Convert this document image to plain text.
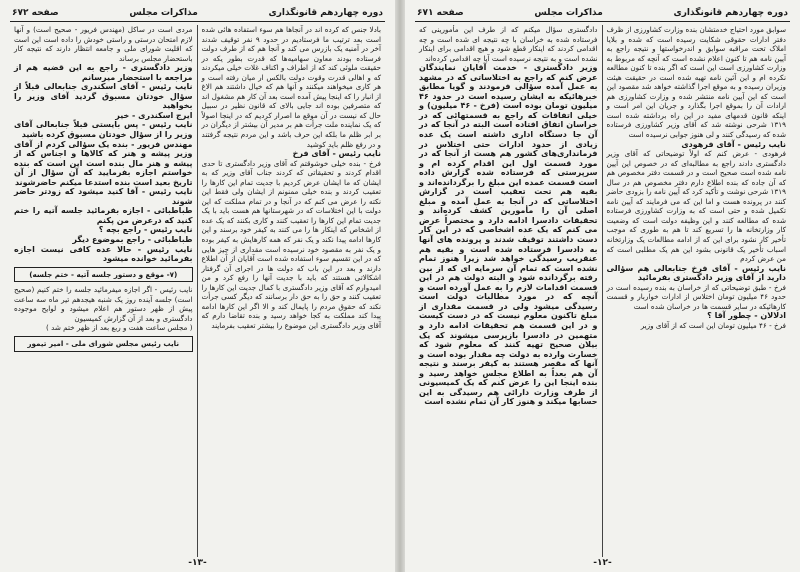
دوره چهاردهم قانونگذاری
مذاکرات مجلس
صفحه ۶۷۲

بادلا جنس که کرده اند در آنجاها هم سوء استفاده هائی شده است بعد ترتیب ما فرستادیم در حدود ۹ نفر توقیف شدند آخر در آمنیه یک بازرس می کند و آنجا هم که از طرف دولت فرستاده بودند معاون سهامیه‌ها که قدرت بطور یکه در حقیقت ملوئی کند که از اطراف و اکناف غلات خیلی میکردند که و اهالی قدرت وقوت دولت بالکس ار میان رفته است و هر کاری میخواهند میکنند و آنها هم که خیال داشتند هم الاغ از انبار را که اینجا پیش آمده است بعد آن کار هم مشغول اند که متصرفین بوده اند جایی بالای که قانون نظیر در سبیل حال که نیست در آن موقع ما اصرار کردیم که در اینجا اصولاً که یک نماینده ملت جرأت هم بر مدیر آن بیشتر از دیگران در بر ابر ظلم ما بلکه این حرف باشد و این مردم نتیجه گرفتند و در رفع ظلم باید کوشید

نایب رئیس - آقای فرخ

فرخ - بنده خیلی خوشوقتم که آقای وزیر دادگستری تا حدی اقدام کردند و تحقیقاتی که کردند جناب آقای وزیر که به ایشان که ما ایشان عرض کردیم با جدیت تمام این کارها را تعقیب کردند و بنده خیلی ممنونم از ایشان ولی فقط این نکته را عرض می کنم که در آنجا و در تمام مملکت که این دولت با این اختلاسات که در شهرستانها هم هست باید با یک جدیت تمام این کارها را تعقیب کنند و کاری بکنند که یک عده از اشخاص که اینکار ها را می کنند به کیفر خود برسند و این کارها ادامه پیدا نکند و یک نفر که همه کارهایش به کیفر بوده و یک نفر به مقصود خود نرسیده است مقداری از چیز هایی که در این تقسیم سوء استفاده شده است آقایان از آن اطلاع دارند و بعد در این باب که دولت ها در اجرای آن گرفتار اشکالاتی هستند که باید با جدیت آنها را رفع کرد و من امیدوارم که آقای وزیر دادگستری با کمال جدیت این کارها را تعقیب کنند و حق را به حق دار برسانند که دیگر کسی جرأت نکند که حقوق مردم را پایمال کند و الا اگر این کارها ادامه پیدا کند مملکت به کجا خواهد رسید و بنده تقاضا دارم که آقای وزیر دادگستری این موضوع را بیشتر تعقیب بفرمایند

مردی است در ساکل (مهندس فریور - صحیح است) و آنها لازم امتحان درستی و راستی خودش را داده است این است که اقلیت شورای ملی و جامعه انتظار دارند که نتیجه کار باستحضار مجلس برساند

وزیر دادگستری - راجع به این قضیه هم از مراجعه با استحضار میرسانم

نایب رئیس - آقای اسکندری جنابعالی قبلاً از سؤال خودتان مسبوق گردید آقای وزیر را بخواهید

ایرج اسکندری - خیر

نایب رئیس - پس بایستی قبلاً جنابعالی آقای وزیر را از سؤال خودتان مسبوق کرده باشید

مهندس فریور - بنده یک سؤالی کردم از آقای وزیر پیشه و هنر که کالاها و اجناس که از پیشه و هنر مال بنده است این است که بنده خواستم اجازه بفرمایید که آن سؤال از آن تاریخ بعید است بنده استدعا میکنم حاضرشوند

نایب رئیس - آقا کنید میشود که زودتر حاضر شوند

طباطبائی - اجازه بفرمائید جلسه آتیه را ختم کنید که درعرض من پکنم

نایب رئیس - راجع بچه ؟

طباطبائی - راجع بموضوع دیگر

نایب رئیس - حالا عده کافی نیست اجازه بفرمائید خوانده میشود

(۷- موقع و دستور جلسه آتیه - ختم جلسه)

نایب رئیس - اگر اجازه میفرمائید جلسه را ختم کنیم (صحیح است) جلسه آینده روز یک شنبه هیجدهم تیر ماه سه ساعت پیش از ظهر دستور هم اعلام میشود و لوایح موجوده دادگستری و بعد از آن گزارش کمیسیون

( مجلس ساعت هفت و ربع بعد از ظهر ختم شد )

نایب رئیس مجلس شورای ملی - امیر تیمور
-۱۳-
دوره چهاردهم قانونگذاری
مذاکرات مجلس
صفحه ۶۷۱

سوابق مورد احتیاج خدمتشان بنده وزارت کشاورزی از ظرف دفتر ادارات حقوقی شکایت رسیده است که شده و بلایا املاک تحت مراقبه سوابق و اندرخواستها و نتیجه راجع به آیین نامه هم تا کنون اعلام نشده است که آنچه که مربوط به وزارت کشاورزی است این است که اگر بنده تا کنون مطالعه نکرده ام و این آئین نامه تهیه شده است در حقیقت هیئت وزیران رسیده و به موقع اجرا گذاشته خواهد شد مقصود این است که این آیین نامه منتشر شده و وزارت کشاورزی هم ارادات آن را بموقع اجرا بگذارد و جریان این امر است و اینکه قانون قدمهای مفید در این راه برداشته شده است ۱۳۱۹ شرحی نوشته شد که آقای وزیر کشاورزی فرستاده شده که رسیدگی کنند و لی هنوز جوابی نرسیده است

نایب رئیس - آقای فرهودی

فرهودی - عرض کنم که اولاً توضیحاتی که آقای وزیر دادگستری دادند راجع به مطالبه‌ای که در خصوص این آیین نامه شده است صحیح است و در قسمت دفتر مخصوص هم که آن جاده که بنده اطلاع دارم دفتر مخصوص هم در سال ۱۳۱۹ شرحی نوشت و تأکید کرد که آیین نامه را بزودی حاضر کنند در پرونده هست و اما این که می فرمایند که آیین نامه تکمیل شده و حتی است که به وزارت کشاورزی فرستاده شده که مطالعه کنند و این وظیفه دولت است که وضعیت کار وزارتخانه ها را تسریع کند تا هم به طوری که موجب تأخیر کار نشود برای این که از ادامه مطالعات یک وزارتخانه اسباب تأخیر یک قانونی بشود این هم یک مطلبی است که من عرض کردم

نایب رئیس - آقای فرخ جنابعالی هم سؤالی دارید از آقای وزیر دادگستری بفرمائید

فرخ - طبق توضیحاتی که از خراسان به بنده رسیده است در حدود ۴۶ میلیون تومان اختلاس از ادارات خواربار و قسمت کارهائیکه در سایر قسمت ها در خراسان شده است

ادلالان - چطور آقا ؟

فرخ - ۴۶ میلیون تومان این است که از آقای وزیر

دادگستری سؤال میکنم که از طرف این مأمورینی که فرستاده شده به خراسان با چه نتیجه ای شده است و چه اقدامی کردند که اینکار قطع شود و هیچ اقدامی برای اینکار نشده است و به نتیجه نرسیده است آیا چه اقدامی کرده‌اند

وزیر دادگستری - خدمت آقایان نمایندگان عرض کنم که راجع به اختلاساتی که در مشهد به عمل آمده سؤالی فرمودند و گویا مطابق خبرهائیکه به ایشان رسیده است در حدود ۴۶ میلیون تومان بوده است (فرخ - ۴۶ میلیون) و خیلی اتفاقات که راجع به قسمتهائی که در خراسان اتفاق افتاده است البته در آنجا که در آن جا دستگاه اداری داشته است یک عده زیادی از حدود ادارات حتی اختلاس در فرمانداری‌های کشور هم هست از آنجا که در مورد قسمت اول این اقدام کرده ام و سرپرستی که فرستاده شده گزارش داده است قسمت عمده این مبلغ را برگردانده‌اند و بقیه هم تحت تعقیب است در گزارش اختلاساتی که در آنجا به عمل آمده و مبلغ اصلی آن را مأمورین کشف کرده‌اند و تحقیقات دادسرا ادامه دارد و مختصراً عرض می کنم که یک عده اشخاصی که در این کار دست داشتند توقیف شدند و پرونده های آنها به دادسرا فرستاده شده است و بقیه هم عنقریب رسیدگی خواهد شد زیرا هنوز تمام نشده است که تمام آن سرمایه ای که از بین رفته برگردانده شود و البته دولت هم در این قسمت اقدامات لازم را به عمل آورده است و آنچه که در مورد مطالبات دولت است رسیدگی میشود ولی در قسمت مقداری از مبلغ تاکنون معلوم نیست که در دست کیست و در این قسمت هم تحقیقات ادامه دارد و متهمین در دادسرا بازپرسی میشوند که یک بیلان صحیح تهیه کنند که معلوم شود که خسارت وارده به دولت چه مقدار بوده است و آنها که مقصر هستند به کیفر برسند و نتیجه آن هم بعداً به اطلاع مجلس خواهد رسید و بنده اینجا این را عرض کنم که یک کمیسیونی از طرف وزارت دارائی هم رسیدگی به این حسابها میکند و هنوز کار آن تمام نشده است

-۱۲-
